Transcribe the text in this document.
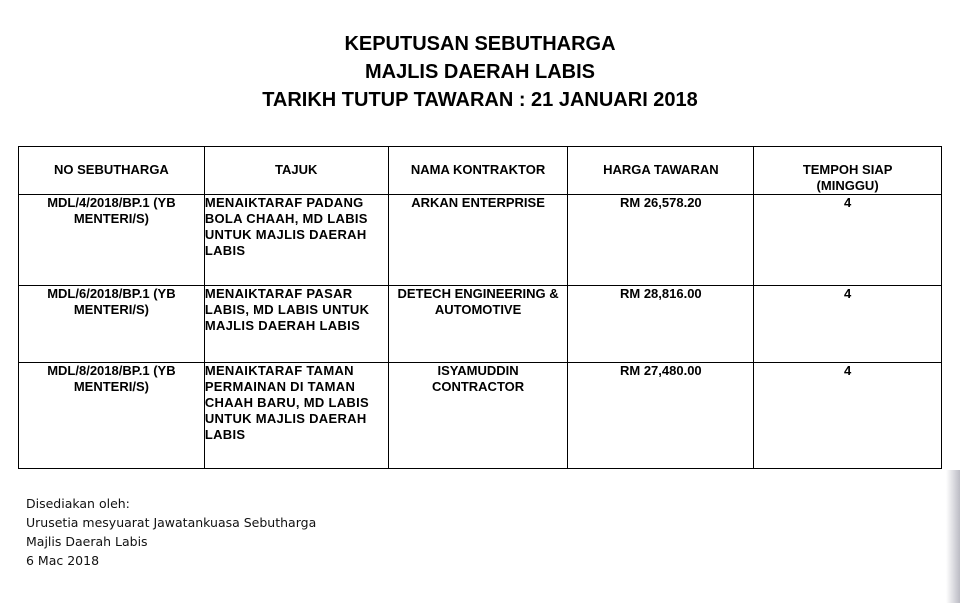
KEPUTUSAN SEBUTHARGA
MAJLIS DAERAH LABIS
TARIKH TUTUP TAWARAN : 21 JANUARI 2018
NO SEBUTHARGA	TAJUK	NAMA KONTRAKTOR	HARGA TAWARAN	TEMPOH SIAP
(MINGGU)

MDL/4/2018/BP.1 (YB
MENTERI/S)	MENAIKTARAF PADANG
BOLA CHAAH, MD LABIS
UNTUK MAJLIS DAERAH
LABIS	ARKAN ENTERPRISE	RM 26,578.20	4

MDL/6/2018/BP.1 (YB
MENTERI/S)	MENAIKTARAF PASAR
LABIS, MD LABIS UNTUK
MAJLIS DAERAH LABIS	DETECH ENGINEERING &
AUTOMOTIVE	RM 28,816.00	4

MDL/8/2018/BP.1 (YB
MENTERI/S)	MENAIKTARAF TAMAN
PERMAINAN DI TAMAN
CHAAH BARU, MD LABIS
UNTUK MAJLIS DAERAH
LABIS	ISYAMUDDIN
CONTRACTOR	RM 27,480.00	4
Disediakan oleh:
Urusetia mesyuarat Jawatankuasa Sebutharga
Majlis Daerah Labis
6 Mac 2018
